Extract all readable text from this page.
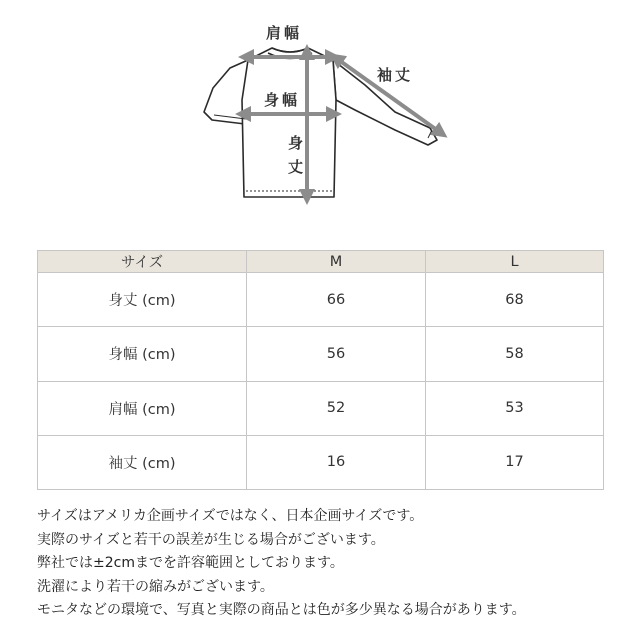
肩幅
袖丈
身幅
身
丈
サイズ	M	L
身丈 (cm)	66	68
身幅 (cm)	56	58
肩幅 (cm)	52	53
袖丈 (cm)	16	17
サイズはアメリカ企画サイズではなく、日本企画サイズです。
実際のサイズと若干の誤差が生じる場合がございます。
弊社では±2cmまでを許容範囲としております。
洗濯により若干の縮みがございます。
モニタなどの環境で、写真と実際の商品とは色が多少異なる場合があります。
